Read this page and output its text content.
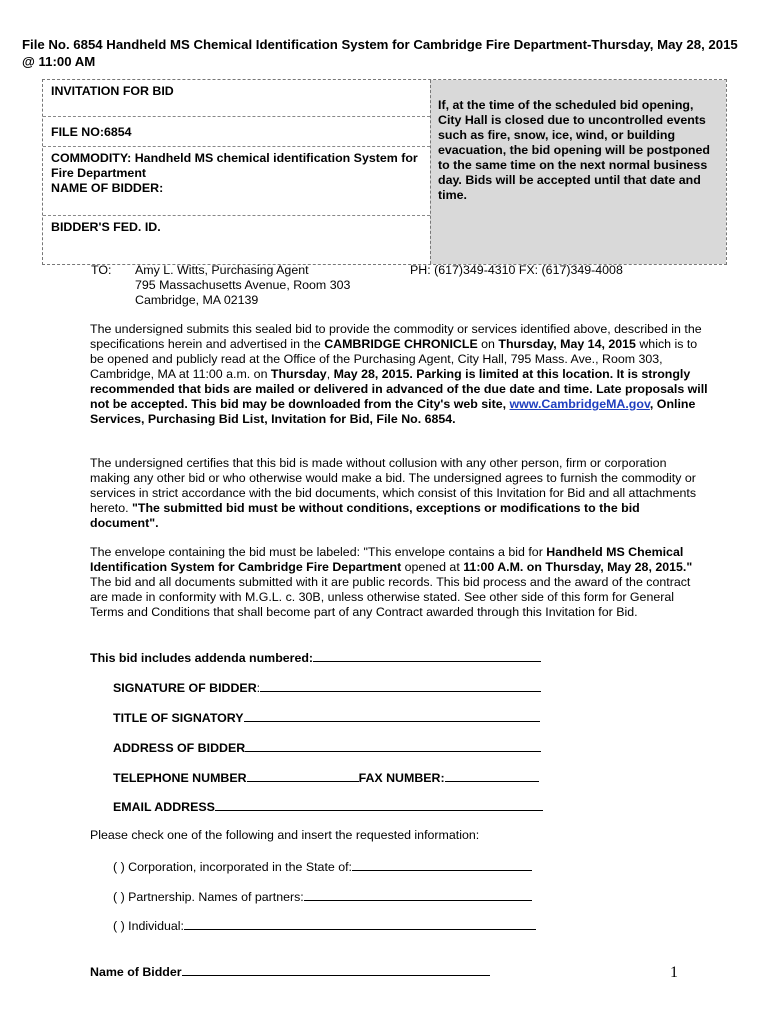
File No. 6854 Handheld MS Chemical Identification System for Cambridge Fire Department-Thursday, May 28, 2015 @ 11:00 AM
INVITATION FOR BID
FILE NO:6854
COMMODITY: Handheld MS chemical identification System for Fire Department
NAME OF BIDDER:
BIDDER'S FED. ID.
If, at the time of the scheduled bid opening, City Hall is closed due to uncontrolled events such as fire, snow, ice, wind, or building evacuation, the bid opening will be postponed to the same time on the next normal business day. Bids will be accepted until that date and time.
TO: Amy L. Witts, Purchasing Agent
795 Massachusetts Avenue, Room 303
Cambridge, MA 02139
PH: (617)349-4310 FX: (617)349-4008
The undersigned submits this sealed bid to provide the commodity or services identified above, described in the specifications herein and advertised in the CAMBRIDGE CHRONICLE on Thursday, May 14, 2015 which is to be opened and publicly read at the Office of the Purchasing Agent, City Hall, 795 Mass. Ave., Room 303, Cambridge, MA at 11:00 a.m. on Thursday, May 28, 2015. Parking is limited at this location. It is strongly recommended that bids are mailed or delivered in advanced of the due date and time. Late proposals will not be accepted. This bid may be downloaded from the City's web site, www.CambridgeMA.gov, Online Services, Purchasing Bid List, Invitation for Bid, File No. 6854.
The undersigned certifies that this bid is made without collusion with any other person, firm or corporation making any other bid or who otherwise would make a bid. The undersigned agrees to furnish the commodity or services in strict accordance with the bid documents, which consist of this Invitation for Bid and all attachments hereto. "The submitted bid must be without conditions, exceptions or modifications to the bid document".
The envelope containing the bid must be labeled: "This envelope contains a bid for Handheld MS Chemical Identification System for Cambridge Fire Department opened at 11:00 A.M. on Thursday, May 28, 2015." The bid and all documents submitted with it are public records. This bid process and the award of the contract are made in conformity with M.G.L. c. 30B, unless otherwise stated. See other side of this form for General Terms and Conditions that shall become part of any Contract awarded through this Invitation for Bid.
This bid includes addenda numbered:
SIGNATURE OF BIDDER:
TITLE OF SIGNATORY
ADDRESS OF BIDDER
TELEPHONE NUMBER	FAX NUMBER:
EMAIL ADDRESS
Please check one of the following and insert the requested information:
( ) Corporation, incorporated in the State of:
( ) Partnership. Names of partners:
( ) Individual:
Name of Bidder	1
